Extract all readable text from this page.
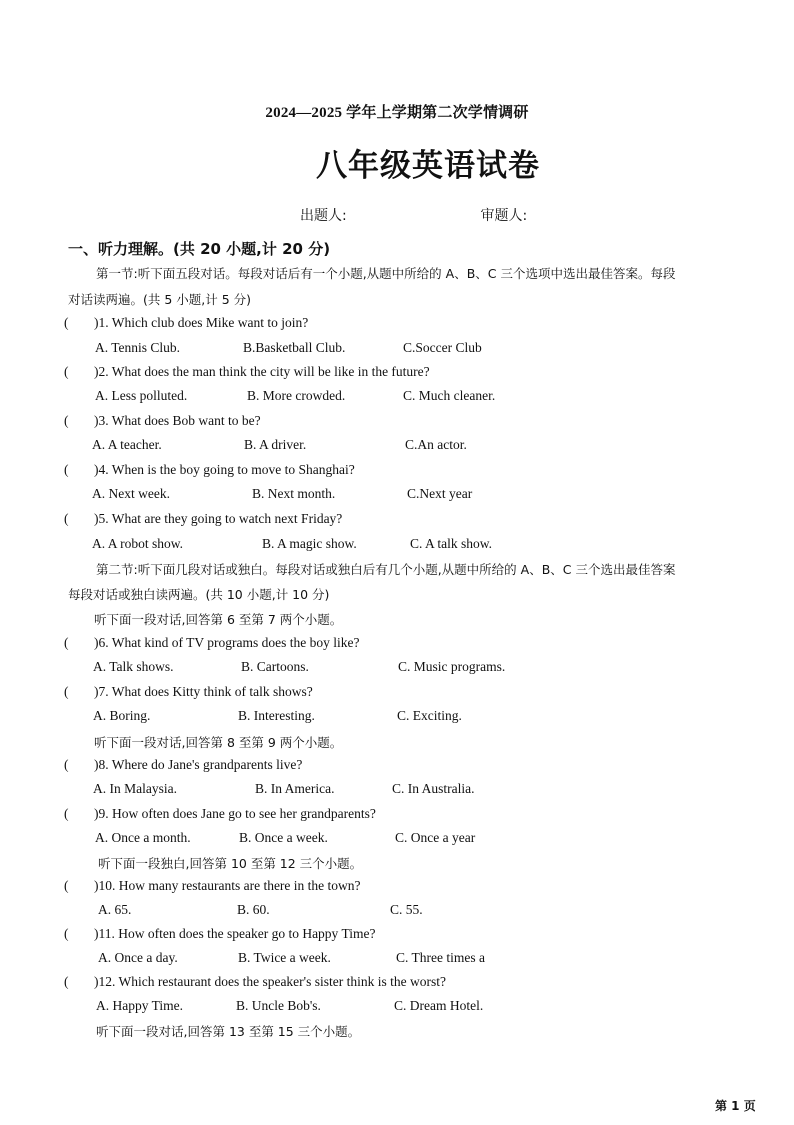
2024—2025 学年上学期第二次学情调研
八年级英语试卷
出题人:	审题人:
一、听力理解。(共 20 小题,计 20 分)
第一节:听下面五段对话。每段对话后有一个小题,从题中所给的 A、B、C 三个选项中选出最佳答案。每段
对话读两遍。(共 5 小题,计 5 分)
( )1. Which club does Mike want to join?
A. Tennis Club.	B.Basketball Club.	C.Soccer Club
( )2. What does the man think the city will be like in the future?
A. Less polluted.	B. More crowded.	C. Much cleaner.
( )3. What does Bob want to be?
A. A teacher.	B. A driver.	C.An actor.
( )4. When is the boy going to move to Shanghai?
A. Next week.	B. Next month.	C.Next year
( )5. What are they going to watch next Friday?
A. A robot show.	B. A magic show.	C. A talk show.
第二节:听下面几段对话或独白。每段对话或独白后有几个小题,从题中所给的 A、B、C 三个选出最佳答案
每段对话或独白读两遍。(共 10 小题,计 10 分)
听下面一段对话,回答第 6 至第 7 两个小题。
( )6. What kind of TV programs does the boy like?
A. Talk shows.	B. Cartoons.	C. Music programs.
( )7. What does Kitty think of talk shows?
A. Boring.	B. Interesting.	C. Exciting.
听下面一段对话,回答第 8 至第 9 两个小题。
( )8. Where do Jane's grandparents live?
A. In Malaysia.	B. In America.	C. In Australia.
( )9. How often does Jane go to see her grandparents?
A. Once a month.	B. Once a week.	C. Once a year
听下面一段独白,回答第 10 至第 12 三个小题。
( )10. How many restaurants are there in the town?
A. 65.	B. 60.	C. 55.
( )11. How often does the speaker go to Happy Time?
A. Once a day.	B. Twice a week.	C. Three times a
( )12. Which restaurant does the speaker's sister think is the worst?
A. Happy Time.	B. Uncle Bob's.	C. Dream Hotel.
听下面一段对话,回答第 13 至第 15 三个小题。
第 1 页
